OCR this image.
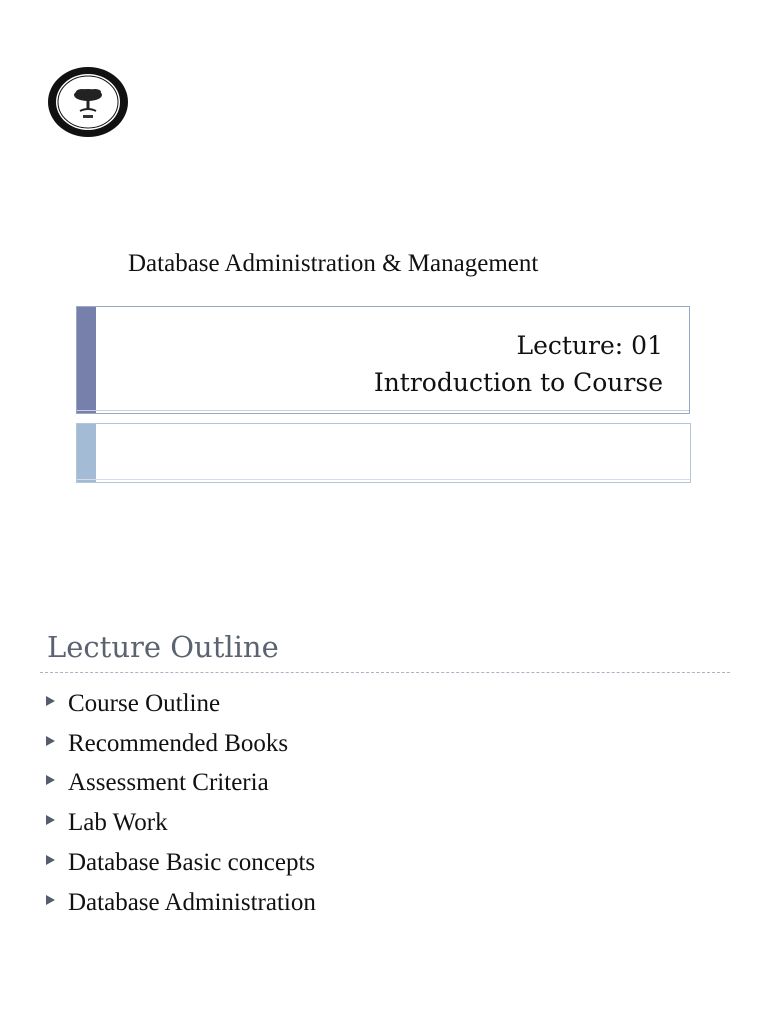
Database Administration & Management
Lecture: 01
Introduction to Course
Lecture Outline
Course Outline
Recommended Books
Assessment Criteria
Lab Work
Database Basic concepts
Database Administration
